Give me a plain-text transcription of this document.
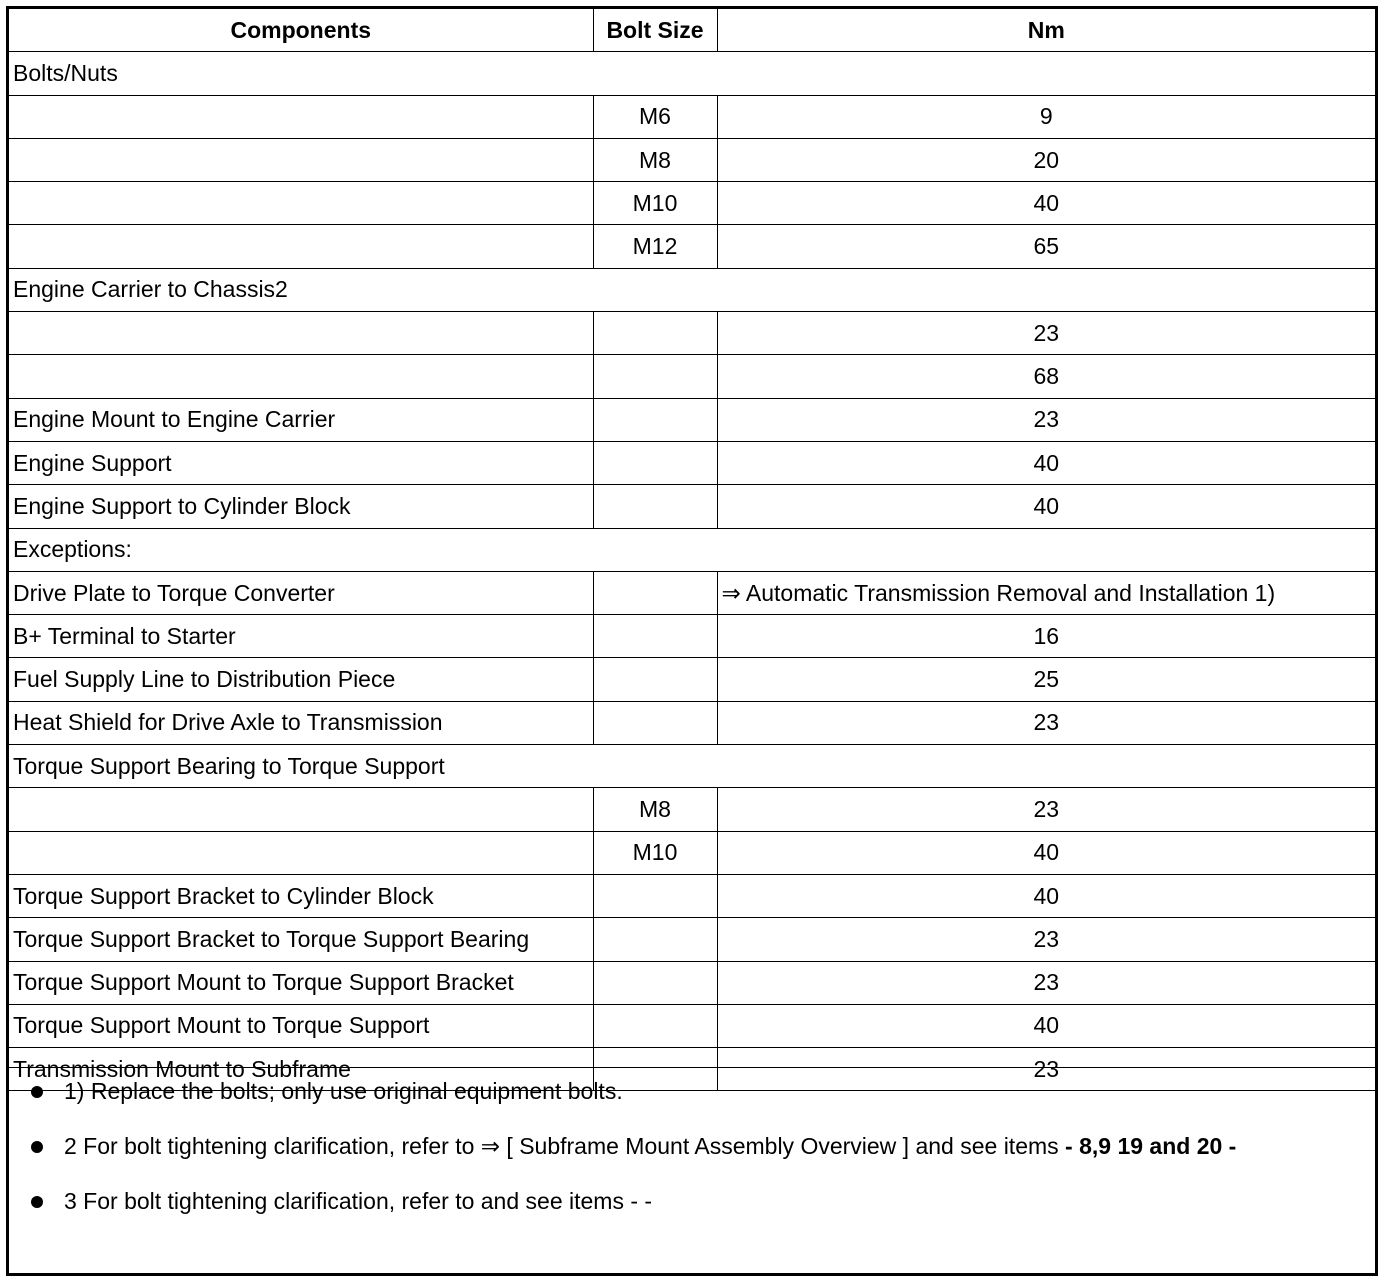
Components	Bolt Size	Nm
Bolts/Nuts		
	M6	9
	M8	20
	M10	40
	M12	65
Engine Carrier to Chassis2		
		23
		68
Engine Mount to Engine Carrier		23
Engine Support		40
Engine Support to Cylinder Block		40
Exceptions:		
Drive Plate to Torque Converter		⇒ Automatic Transmission Removal and Installation 1)
B+ Terminal to Starter		16
Fuel Supply Line to Distribution Piece		25
Heat Shield for Drive Axle to Transmission		23
Torque Support Bearing to Torque Support		
	M8	23
	M10	40
Torque Support Bracket to Cylinder Block		40
Torque Support Bracket to Torque Support Bearing		23
Torque Support Mount to Torque Support Bracket		23
Torque Support Mount to Torque Support		40
Transmission Mount to Subframe		23
1) Replace the bolts; only use original equipment bolts.
2 For bolt tightening clarification, refer to ⇒ [ Subframe Mount Assembly Overview ] and see items - 8,9 19 and 20 -
3 For bolt tightening clarification, refer to and see items - -
